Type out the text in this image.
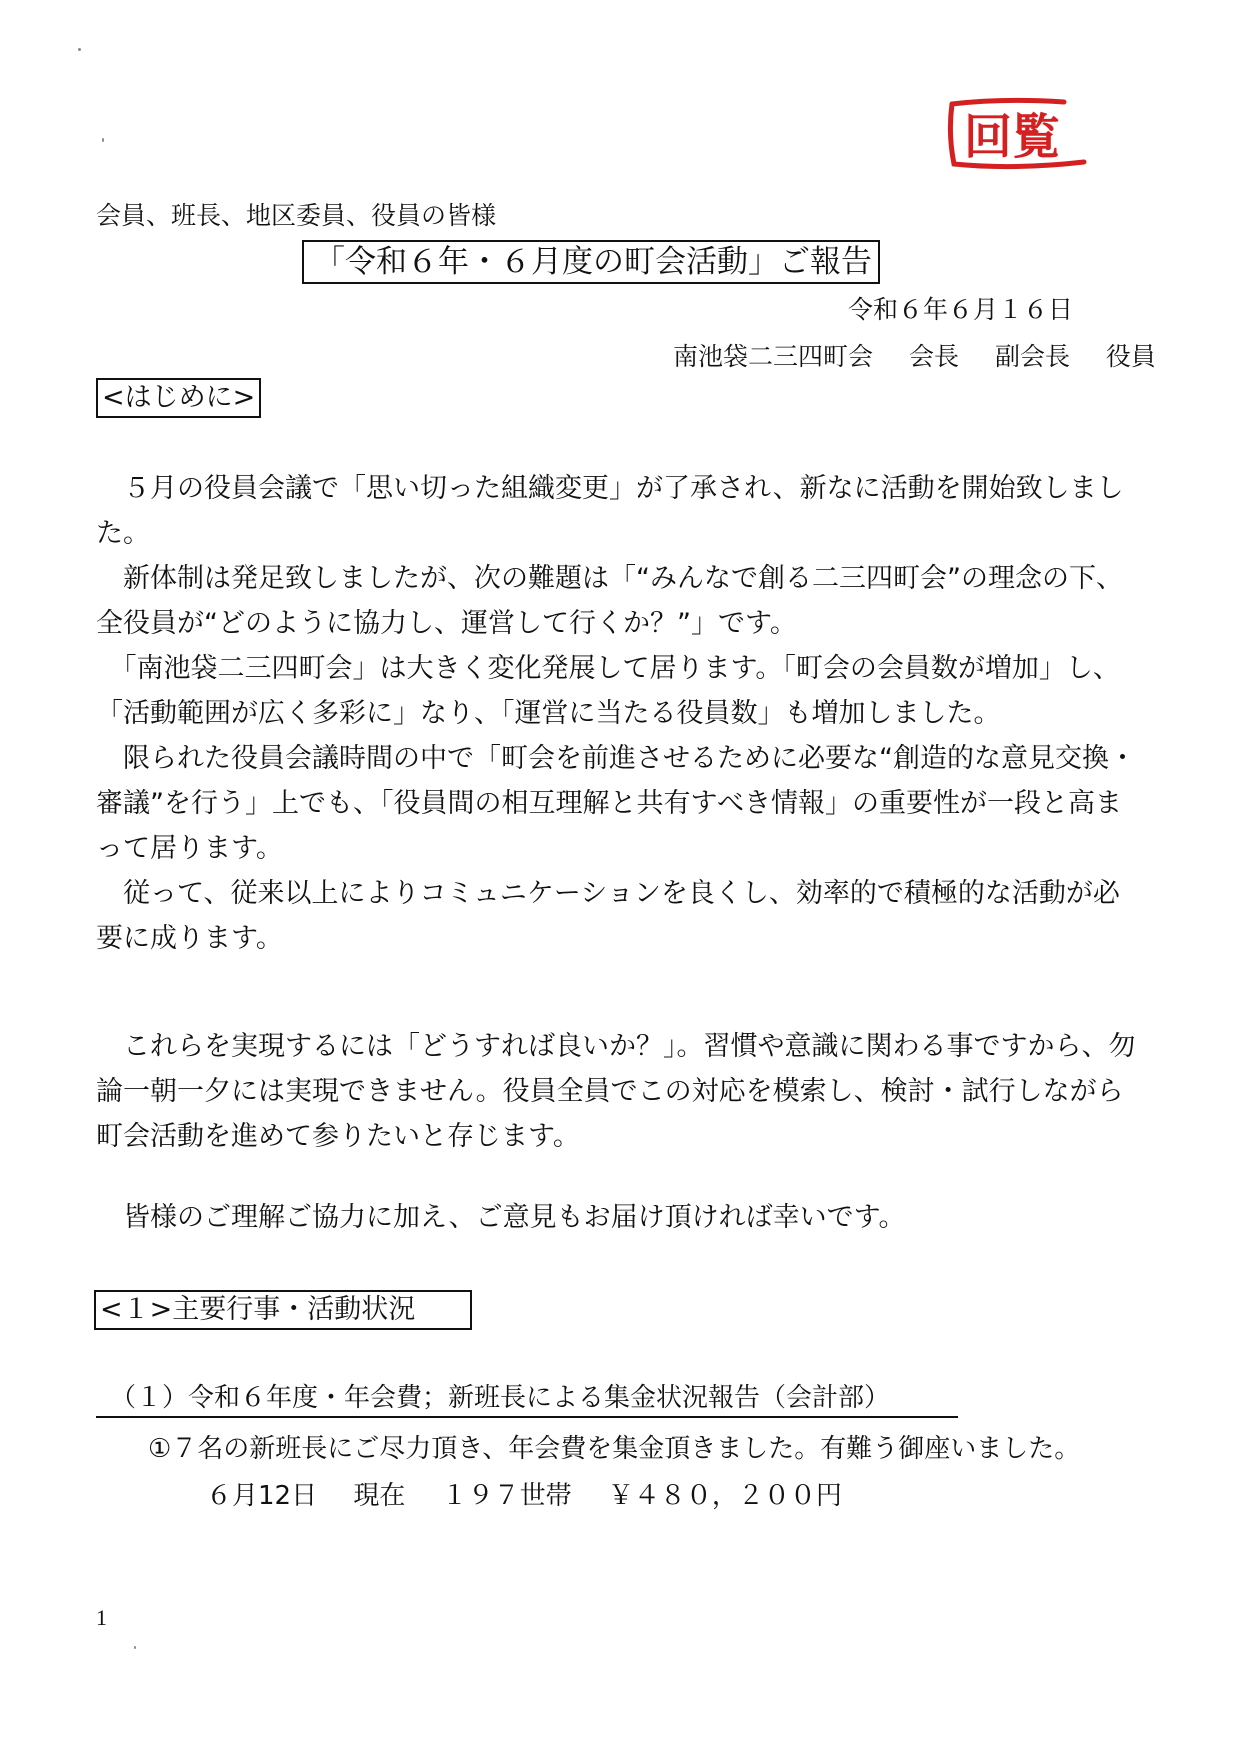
回覧
会員、班長、地区委員、役員の皆様
「令和６年・６月度の町会活動」ご報告
令和６年６月１６日
南池袋二三四町会 会長 副会長 役員
<はじめに>
　５月の役員会議で「思い切った組織変更」が了承され、新なに活動を開始致しました。
　新体制は発足致しましたが、次の難題は「“みんなで創る二三四町会”の理念の下、
全役員が“どのように協力し、運営して行くか？”」です。
　「南池袋二三四町会」は大きく変化発展して居ります。「町会の会員数が増加」し、
「活動範囲が広く多彩に」なり、「運営に当たる役員数」も増加しました。
　限られた役員会議時間の中で「町会を前進させるために必要な“創造的な意見交換・
審議”を行う」上でも、「役員間の相互理解と共有すべき情報」の重要性が一段と高ま
って居ります。
　従って、従来以上によりコミュニケーションを良くし、効率的で積極的な活動が必
要に成ります。
　これらを実現するには「どうすれば良いか？」。習慣や意識に関わる事ですから、勿
論一朝一夕には実現できません。役員全員でこの対応を模索し、検討・試行しながら
町会活動を進めて参りたいと存じます。
　皆様のご理解ご協力に加え、ご意見もお届け頂ければ幸いです。
<１>主要行事・活動状況
（１）令和６年度・年会費；新班長による集金状況報告（会計部）
①７名の新班長にご尽力頂き、年会費を集金頂きました。有難う御座いました。
６月12日 現在 １９７世帯 ￥４８０，２００円
1
